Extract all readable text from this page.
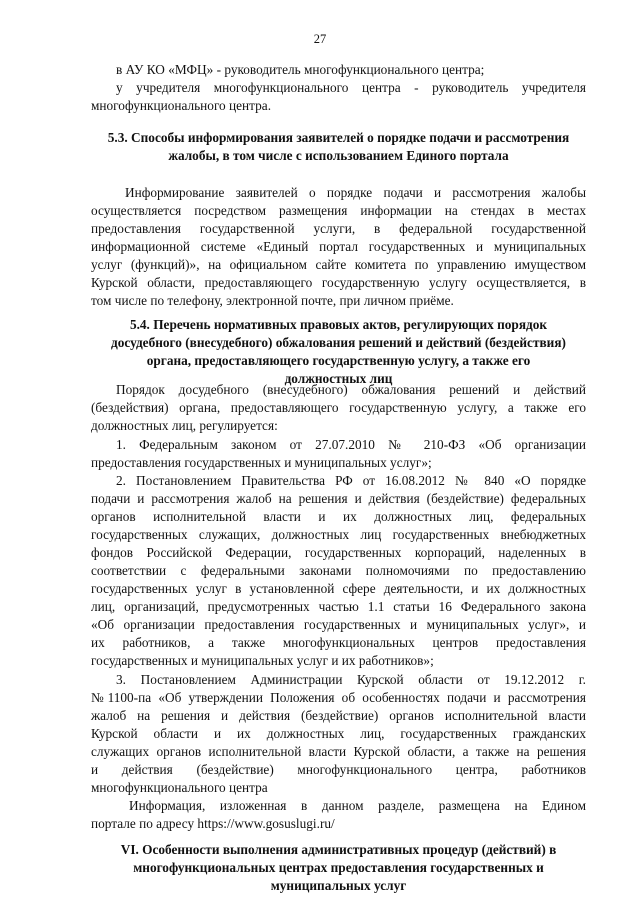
27
в АУ КО «МФЦ» - руководитель многофункционального центра;
у учредителя многофункционального центра - руководитель учредителя
многофункционального центра.
5.3. Способы информирования заявителей о порядке подачи и рассмотрения
жалобы, в том числе с использованием Единого портала
Информирование заявителей о порядке подачи и рассмотрения жалобы
осуществляется посредством размещения информации на стендах в местах
предоставления государственной услуги, в федеральной государственной
информационной системе «Единый портал государственных и муниципальных
услуг (функций)», на официальном сайте комитета по управлению имуществом
Курской области, предоставляющего государственную услугу осуществляется, в
том числе по телефону, электронной почте, при личном приёме.
5.4. Перечень нормативных правовых актов, регулирующих порядок
досудебного (внесудебного) обжалования решений и действий (бездействия)
органа, предоставляющего государственную услугу, а также его
должностных лиц
Порядок досудебного (внесудебного) обжалования решений и действий
(бездействия) органа, предоставляющего государственную услугу, а также его
должностных лиц, регулируется:
1. Федеральным законом от 27.07.2010 № 210-ФЗ «Об организации
предоставления государственных и муниципальных услуг»;
2. Постановлением Правительства РФ от 16.08.2012 № 840 «О порядке
подачи и рассмотрения жалоб на решения и действия (бездействие) федеральных
органов исполнительной власти и их должностных лиц, федеральных
государственных служащих, должностных лиц государственных внебюджетных
фондов Российской Федерации, государственных корпораций, наделенных в
соответствии с федеральными законами полномочиями по предоставлению
государственных услуг в установленной сфере деятельности, и их должностных
лиц, организаций, предусмотренных частью 1.1 статьи 16 Федерального закона
«Об организации предоставления государственных и муниципальных услуг», и
их работников, а также многофункциональных центров предоставления
государственных и муниципальных услуг и их работников»;
3. Постановлением Администрации Курской области от 19.12.2012 г.
№1100-па «Об утверждении Положения об особенностях подачи и рассмотрения
жалоб на решения и действия (бездействие) органов исполнительной власти
Курской области и их должностных лиц, государственных гражданских
служащих органов исполнительной власти Курской области, а также на решения
и действия (бездействие) многофункционального центра, работников
многофункционального центра
Информация, изложенная в данном разделе, размещена на Едином
портале по адресу https://www.gosuslugi.ru/
VI. Особенности выполнения административных процедур (действий) в
многофункциональных центрах предоставления государственных и
муниципальных услуг
